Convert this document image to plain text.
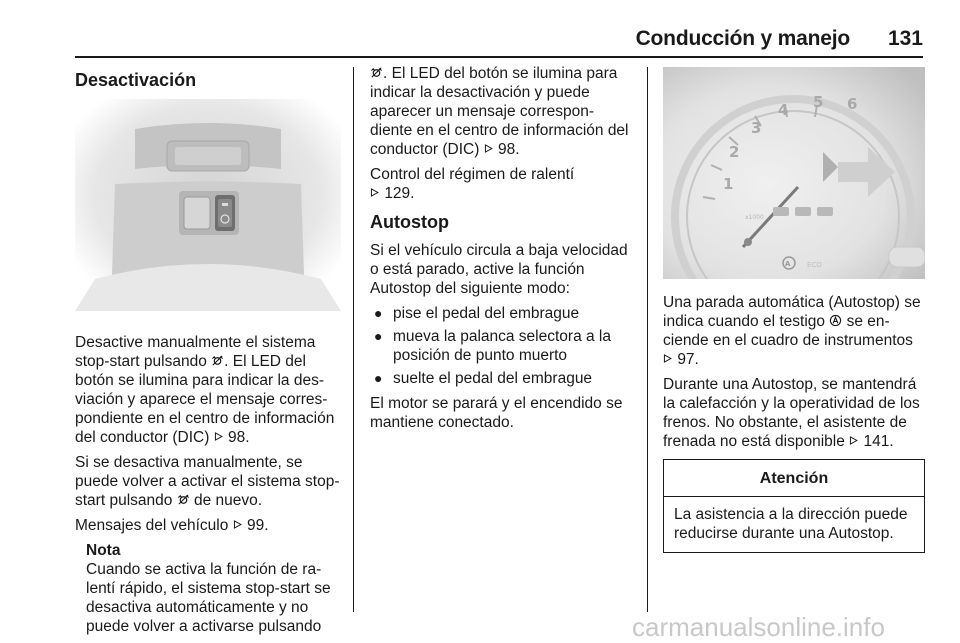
Conducción y manejo 131
Desactivación

Desactive manualmente el sistema stop-start pulsando . El LED del botón se ilumina para indicar la des-viación y aparece el mensaje corres-pondiente en el centro de información del conductor (DIC)  98.

Si se desactiva manualmente, se puede volver a activar el sistema stop-start pulsando  de nuevo.

Mensajes del vehículo  99.

Nota
Cuando se activa la función de ra-lentí rápido, el sistema stop-start se desactiva automáticamente y no puede volver a activarse pulsando

. El LED del botón se ilumina para indicar la desactivación y puede aparecer un mensaje correspon-diente en el centro de información del conductor (DIC)  98.

Control del régimen de ralentí
129.

Autostop

Si el vehículo circula a baja velocidad o está parado, active la función Autostop del siguiente modo:

● pise el pedal del embrague
● mueva la palanca selectora a la posición de punto muerto
● suelte el pedal del embrague

El motor se parará y el encendido se mantiene conectado.

1
2
3
4 5 6
x1000
A ECO

Una parada automática (Autostop) se indica cuando el testigo  se en-ciende en el cuadro de instrumentos
97.

Durante una Autostop, se mantendrá la calefacción y la operatividad de los frenos. No obstante, el asistente de frenada no está disponible  141.

Atención
La asistencia a la dirección puede reducirse durante una Autostop.
carmanualsonline.info
